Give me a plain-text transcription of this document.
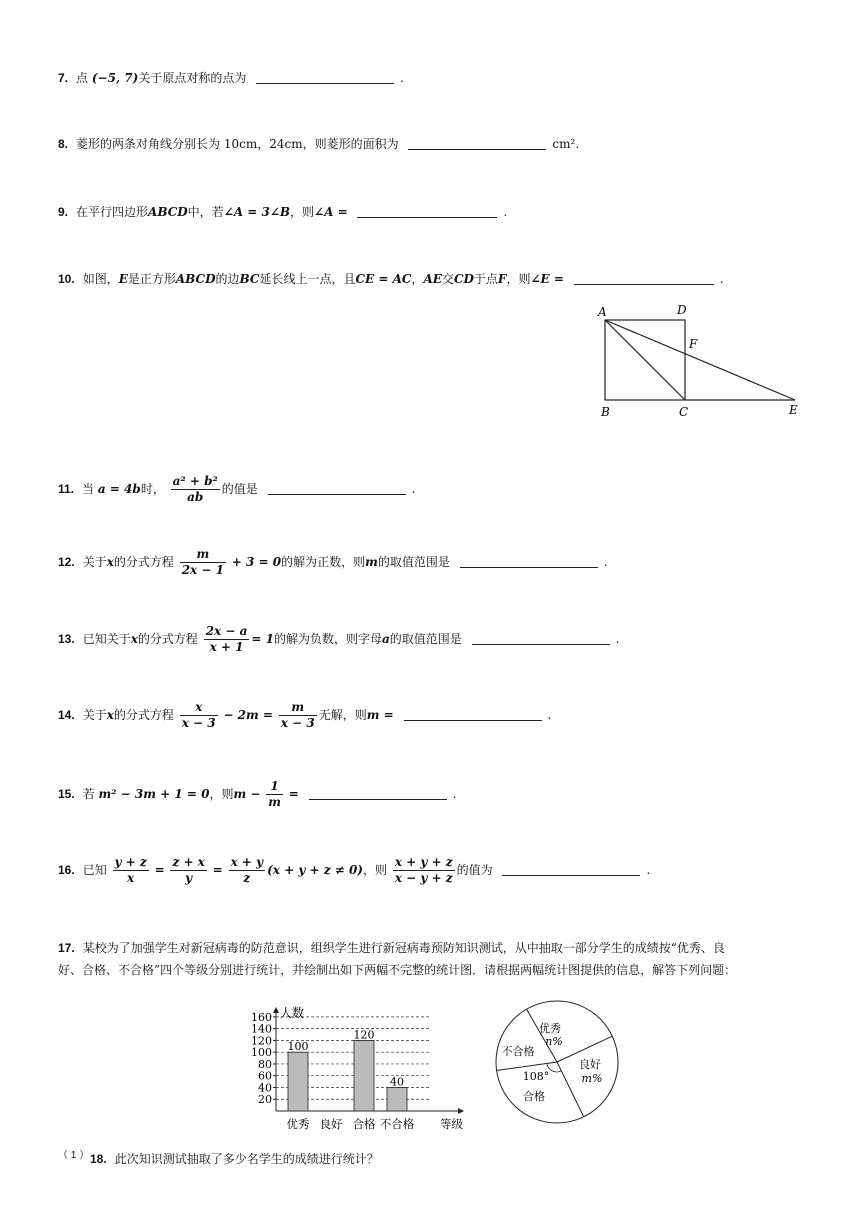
7. 点 (−5, 7)关于原点对称的点为	.
8. 菱形的两条对角线分别长为 10cm，24cm，则菱形的面积为	cm².
9. 在平行四边形ABCD中，若∠A = 3∠B，则∠A =	.
10. 如图，E是正方形ABCD的边BC延长线上一点，且CE = AC，AE交CD于点F，则∠E =	.
A	D
F
B	C	E
11. 当 a = 4b时， $\frac{\text{a² + b²}}{ab}$ 的值是	.
12. 关于x的分式方程 $\frac{m}{2x - 1} + 3 = 0$的解为正数，则m的取值范围是	.
13. 已知关于x的分式方程 $\frac{2x - a}{x + 1} = 1$的解为负数，则字母a的取值范围是	.
14. 关于x的分式方程 $\frac{x}{x - 3} - 2m = \frac{m}{x - 3}$ 无解，则m =	.
15. 若 m² − 3m + 1 = 0，则$m - \frac{1}{m}$ =	.
16. 已知 $\frac{y + z}{x} = \frac{z + x}{y} = \frac{x + y}{z} (x + y + z \ne 0)$，则 $\frac{x + y + z}{x - y + z}$ 的值为	.
17. 某校为了加强学生对新冠病毒的防范意识，组织学生进行新冠病毒预防知识测试，从中抽取一部分学生的成绩按“优秀、良
好、合格、不合格”四个等级分别进行统计，并绘制出如下两幅不完整的统计图．请根据两幅统计图提供的信息，解答下列问题：
20
40
60
80
100
120
140
160 人数
100
优秀 良好
120
合格
40
不合格 等级
优秀
n%
良好
m%
合格
不合格
108°
（ 1 ） 18. 此次知识测试抽取了多少名学生的成绩进行统计？
